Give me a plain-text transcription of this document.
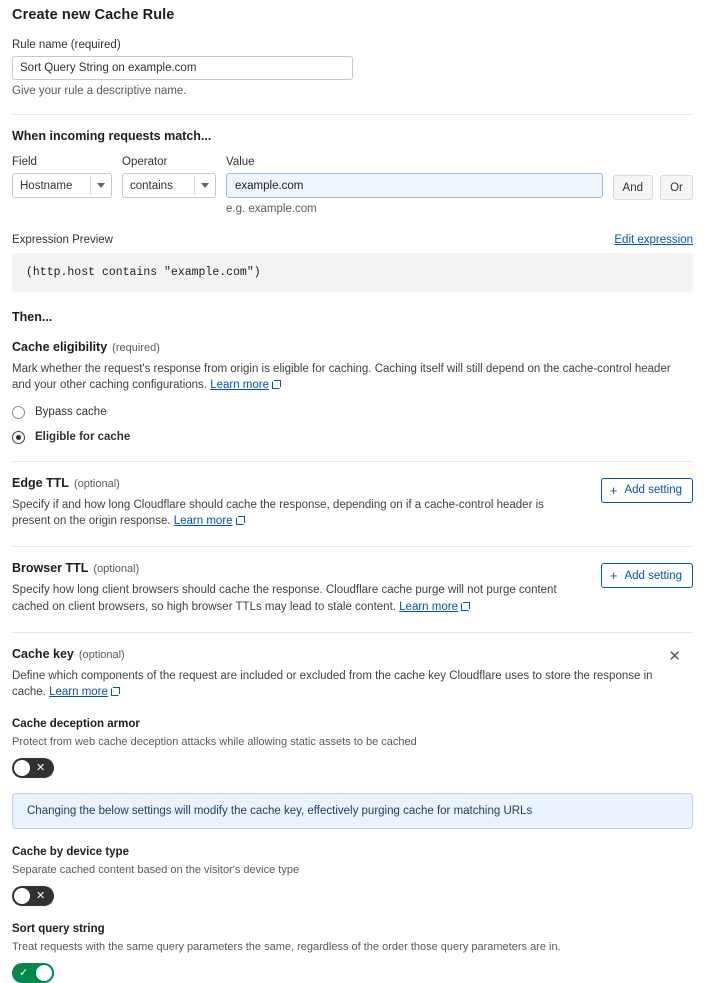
Create new Cache Rule
Rule name (required)
Sort Query String on example.com
Give your rule a descriptive name.
When incoming requests match...
Field
Hostname
Operator
contains
Value
example.com
e.g. example.com
And	Or
Expression Preview	Edit expression
(http.host contains "example.com")
Then...
Cache eligibility (required)
Mark whether the request's response from origin is eligible for caching. Caching itself will still depend on the cache-control header and your other caching configurations. Learn more
Bypass cache
Eligible for cache
Edge TTL (optional)
Specify if and how long Cloudflare should cache the response, depending on if a cache-control header is present on the origin response. Learn more
+ Add setting
Browser TTL (optional)
Specify how long client browsers should cache the response. Cloudflare cache purge will not purge content cached on client browsers, so high browser TTLs may lead to stale content. Learn more
+ Add setting
✕
Cache key (optional)
Define which components of the request are included or excluded from the cache key Cloudflare uses to store the response in cache. Learn more
Cache deception armor
Protect from web cache deception attacks while allowing static assets to be cached
✕
Changing the below settings will modify the cache key, effectively purging cache for matching URLs
Cache by device type
Separate cached content based on the visitor's device type
✕
Sort query string
Treat requests with the same query parameters the same, regardless of the order those query parameters are in.
✓
